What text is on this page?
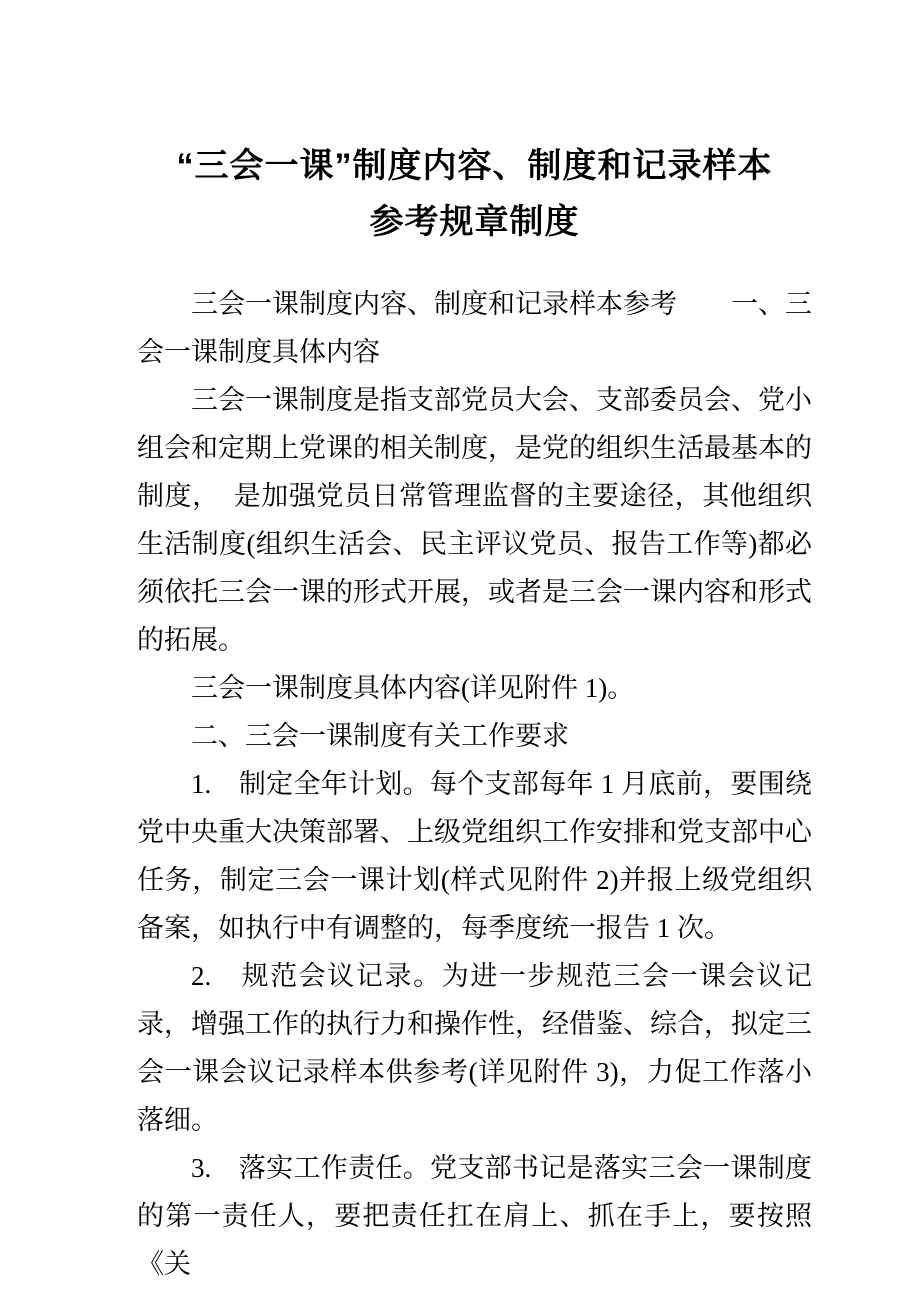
“三会一课”制度内容、制度和记录样本
参考规章制度

三会一课制度内容、制度和记录样本参考　　一、三会一课制度具体内容

三会一课制度是指支部党员大会、支部委员会、党小组会和定期上党课的相关制度，是党的组织生活最基本的制度，　是加强党员日常管理监督的主要途径，其他组织生活制度(组织生活会、民主评议党员、报告工作等)都必须依托三会一课的形式开展，或者是三会一课内容和形式的拓展。

三会一课制度具体内容(详见附件 1)。

二、三会一课制度有关工作要求

1.　制定全年计划。每个支部每年 1 月底前，要围绕党中央重大决策部署、上级党组织工作安排和党支部中心任务，制定三会一课计划(样式见附件 2)并报上级党组织备案，如执行中有调整的，每季度统一报告 1 次。

2.　规范会议记录。为进一步规范三会一课会议记录，增强工作的执行力和操作性，经借鉴、综合，拟定三会一课会议记录样本供参考(详见附件 3)，力促工作落小落细。

3.　落实工作责任。党支部书记是落实三会一课制度的第一责任人，要把责任扛在肩上、抓在手上，要按照《关
